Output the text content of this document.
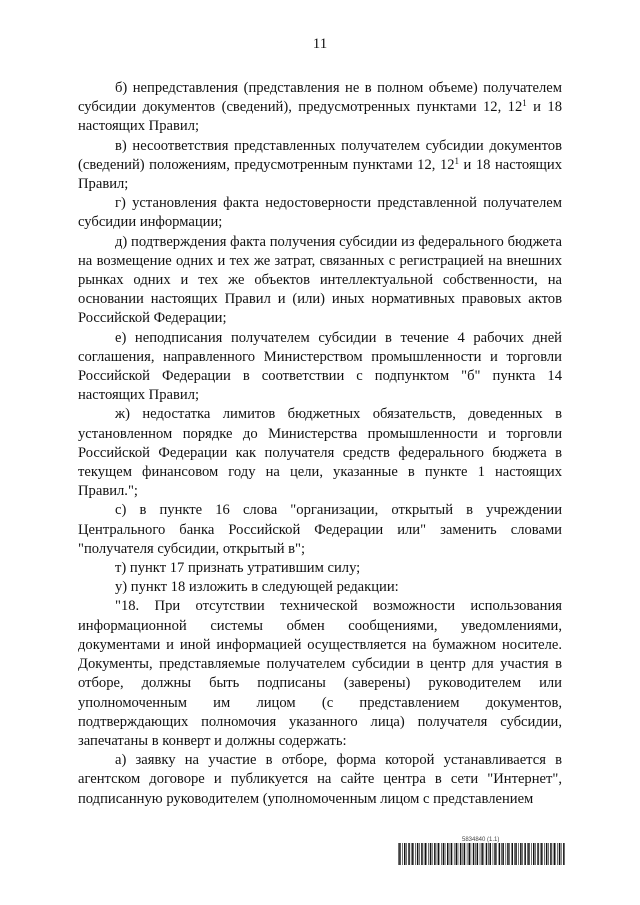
11

б) непредставления (представления не в полном объеме) получателем субсидии документов (сведений), предусмотренных пунктами 12, $12^1$ и 18 настоящих Правил;

в) несоответствия представленных получателем субсидии документов (сведений) положениям, предусмотренным пунктами 12, $12^1$ и 18 настоящих Правил;

г) установления факта недостоверности представленной получателем субсидии информации;

д) подтверждения факта получения субсидии из федерального бюджета на возмещение одних и тех же затрат, связанных с регистрацией на внешних рынках одних и тех же объектов интеллектуальной собственности, на основании настоящих Правил и (или) иных нормативных правовых актов Российской Федерации;

е) неподписания получателем субсидии в течение 4 рабочих дней соглашения, направленного Министерством промышленности и торговли Российской Федерации в соответствии с подпунктом "б" пункта 14 настоящих Правил;

ж) недостатка лимитов бюджетных обязательств, доведенных в установленном порядке до Министерства промышленности и торговли Российской Федерации как получателя средств федерального бюджета в текущем финансовом году на цели, указанные в пункте 1 настоящих Правил.";

с) в пункте 16 слова "организации, открытый в учреждении Центрального банка Российской Федерации или" заменить словами "получателя субсидии, открытый в";

т) пункт 17 признать утратившим силу;

у) пункт 18 изложить в следующей редакции:

"18. При отсутствии технической возможности использования информационной системы обмен сообщениями, уведомлениями, документами и иной информацией осуществляется на бумажном носителе. Документы, представляемые получателем субсидии в центр для участия в отборе, должны быть подписаны (заверены) руководителем или уполномоченным им лицом (с представлением документов, подтверждающих полномочия указанного лица) получателя субсидии, запечатаны в конверт и должны содержать:

а) заявку на участие в отборе, форма которой устанавливается в агентском договоре и публикуется на сайте центра в сети "Интернет", подписанную руководителем (уполномоченным лицом с представлением

5834840 (1.1)
